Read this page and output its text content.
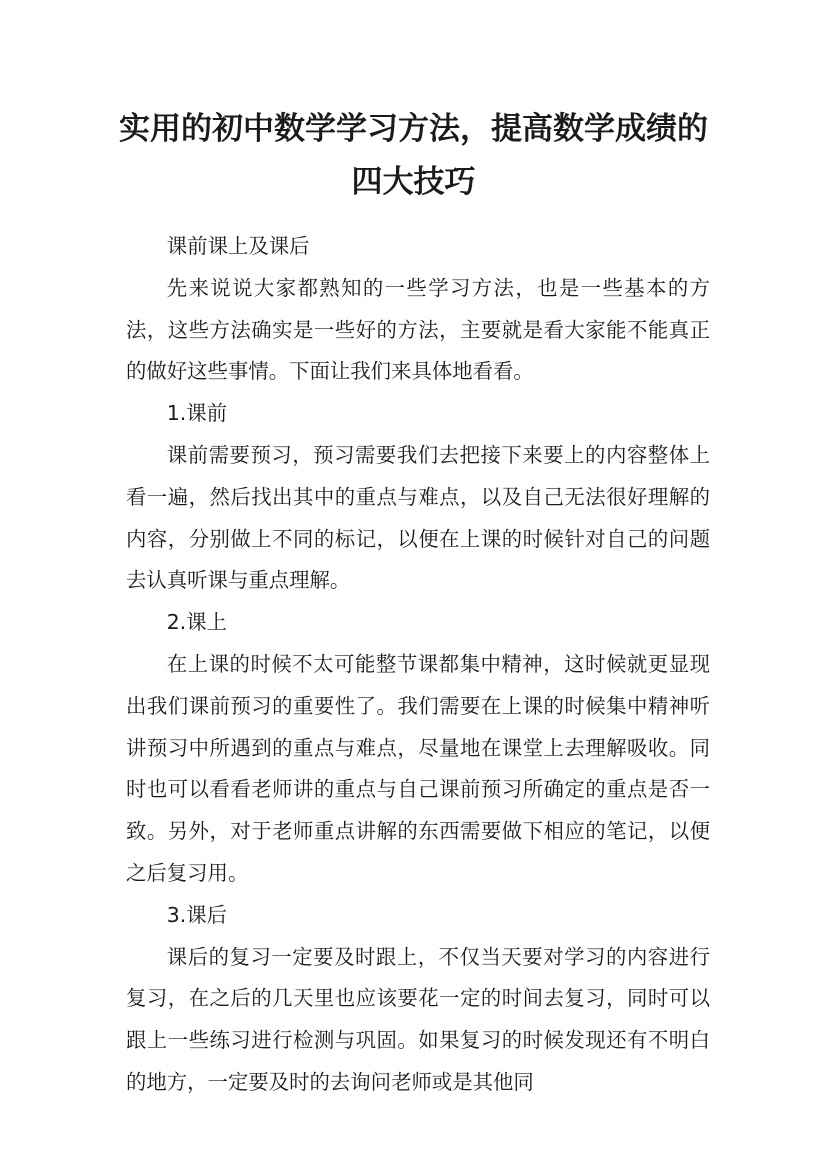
实用的初中数学学习方法，提高数学成绩的
四大技巧

课前课上及课后

先来说说大家都熟知的一些学习方法，也是一些基本的方法，这些方法确实是一些好的方法，主要就是看大家能不能真正的做好这些事情。下面让我们来具体地看看。

1.课前

课前需要预习，预习需要我们去把接下来要上的内容整体上看一遍，然后找出其中的重点与难点，以及自己无法很好理解的内容，分别做上不同的标记，以便在上课的时候针对自己的问题去认真听课与重点理解。

2.课上

在上课的时候不太可能整节课都集中精神，这时候就更显现出我们课前预习的重要性了。我们需要在上课的时候集中精神听讲预习中所遇到的重点与难点，尽量地在课堂上去理解吸收。同时也可以看看老师讲的重点与自己课前预习所确定的重点是否一致。另外，对于老师重点讲解的东西需要做下相应的笔记，以便之后复习用。

3.课后

课后的复习一定要及时跟上，不仅当天要对学习的内容进行复习，在之后的几天里也应该要花一定的时间去复习，同时可以跟上一些练习进行检测与巩固。如果复习的时候发现还有不明白的地方，一定要及时的去询问老师或是其他同
